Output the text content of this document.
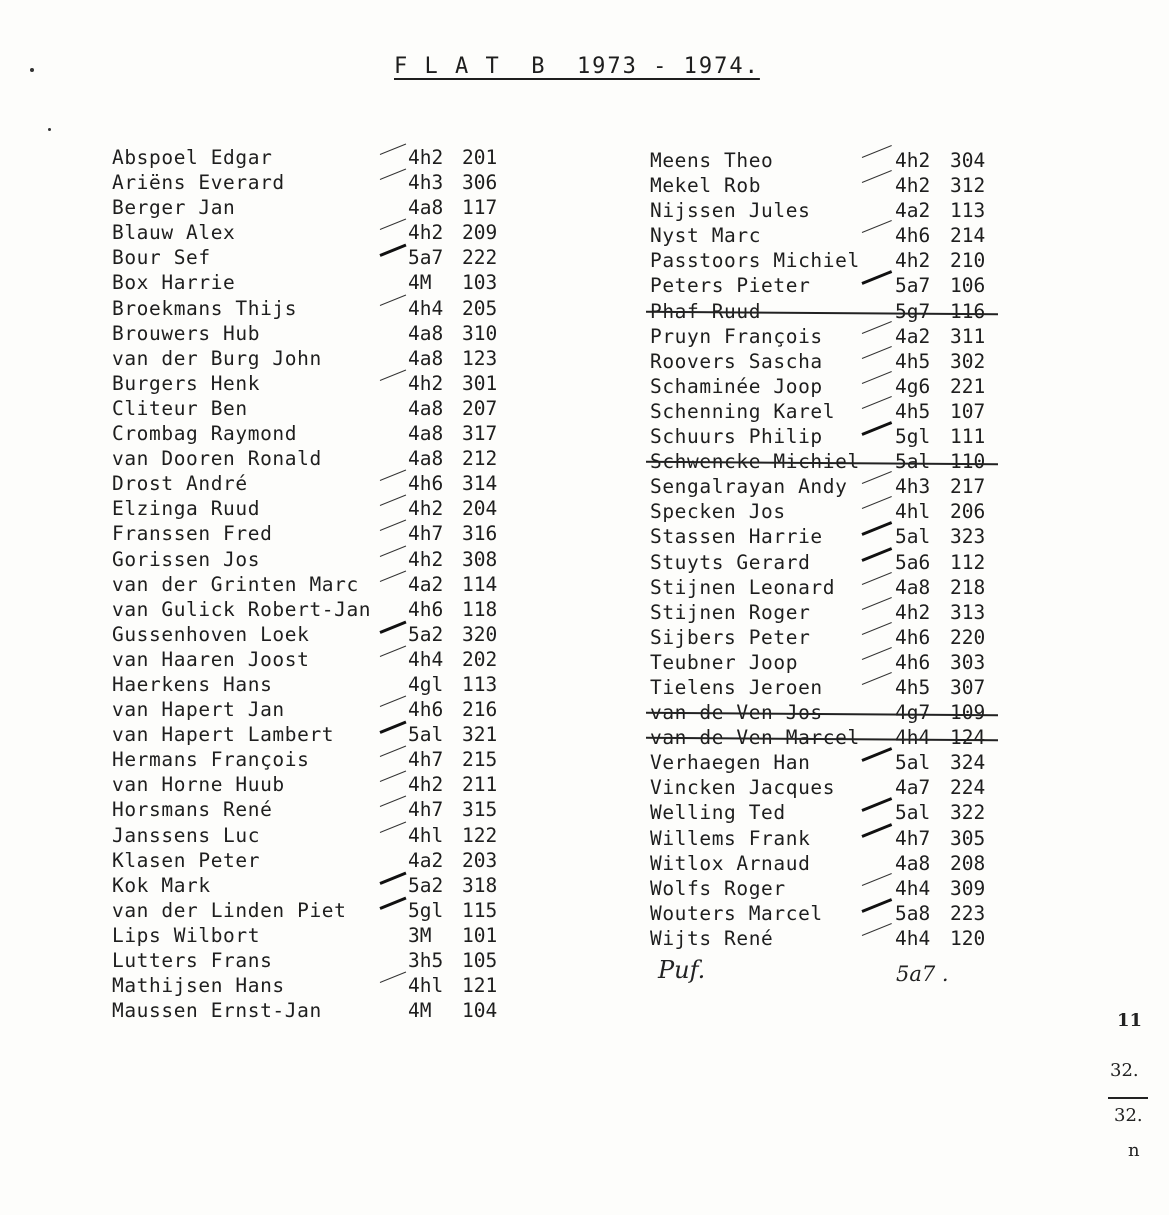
F L A T  B  1973 - 1974.
Abspoel Edgar	4h2 201
Ariëns Everard	4h3 306
Berger Jan	4a8 117
Blauw Alex	4h2 209
Bour Sef	5a7 222
Box Harrie	4M 103
Broekmans Thijs	4h4 205
Brouwers Hub	4a8 310
van der Burg John	4a8 123
Burgers Henk	4h2 301
Cliteur Ben	4a8 207
Crombag Raymond	4a8 317
van Dooren Ronald	4a8 212
Drost André	4h6 314
Elzinga Ruud	4h2 204
Franssen Fred	4h7 316
Gorissen Jos	4h2 308
van der Grinten Marc	4a2 114
van Gulick Robert-Jan 4h6 118
Gussenhoven Loek	5a2 320
van Haaren Joost	4h4 202
Haerkens Hans	4gl 113
van Hapert Jan	4h6 216
van Hapert Lambert	5al 321
Hermans François	4h7 215
van Horne Huub	4h2 211
Horsmans René	4h7 315
Janssens Luc	4hl 122
Klasen Peter	4a2 203
Kok Mark	5a2 318
van der Linden Piet	5gl 115
Lips Wilbort	3M 101
Lutters Frans	3h5 105
Mathijsen Hans	4hl 121
Maussen Ernst-Jan	4M 104
Meens Theo	4h2 304
Mekel Rob	4h2 312
Nijssen Jules	4a2 113
Nyst Marc	4h6 214
Passtoors Michiel 4h2 210
Peters Pieter	5a7 106
Phaf Ruud	5g7 116
Pruyn François	4a2 311
Roovers Sascha	4h5 302
Schaminée Joop	4g6 221
Schenning Karel	4h5 107
Schuurs Philip	5gl 111
Schwencke Michiel 5al 110
Sengalrayan Andy 4h3 217
Specken Jos	4hl 206
Stassen Harrie	5al 323
Stuyts Gerard	5a6 112
Stijnen Leonard	4a8 218
Stijnen Roger	4h2 313
Sijbers Peter	4h6 220
Teubner Joop	4h6 303
Tielens Jeroen	4h5 307
van de Ven Jos	4g7 109
van de Ven Marcel 4h4 124
Verhaegen Han	5al 324
Vincken Jacques	4a7 224
Welling Ted	5al 322
Willems Frank	4h7 305
Witlox Arnaud	4a8 208
Wolfs Roger	4h4 309
Wouters Marcel	5a8 223
Wijts René	4h4 120
Puf.	5a7 .
11
32.
32.
n
